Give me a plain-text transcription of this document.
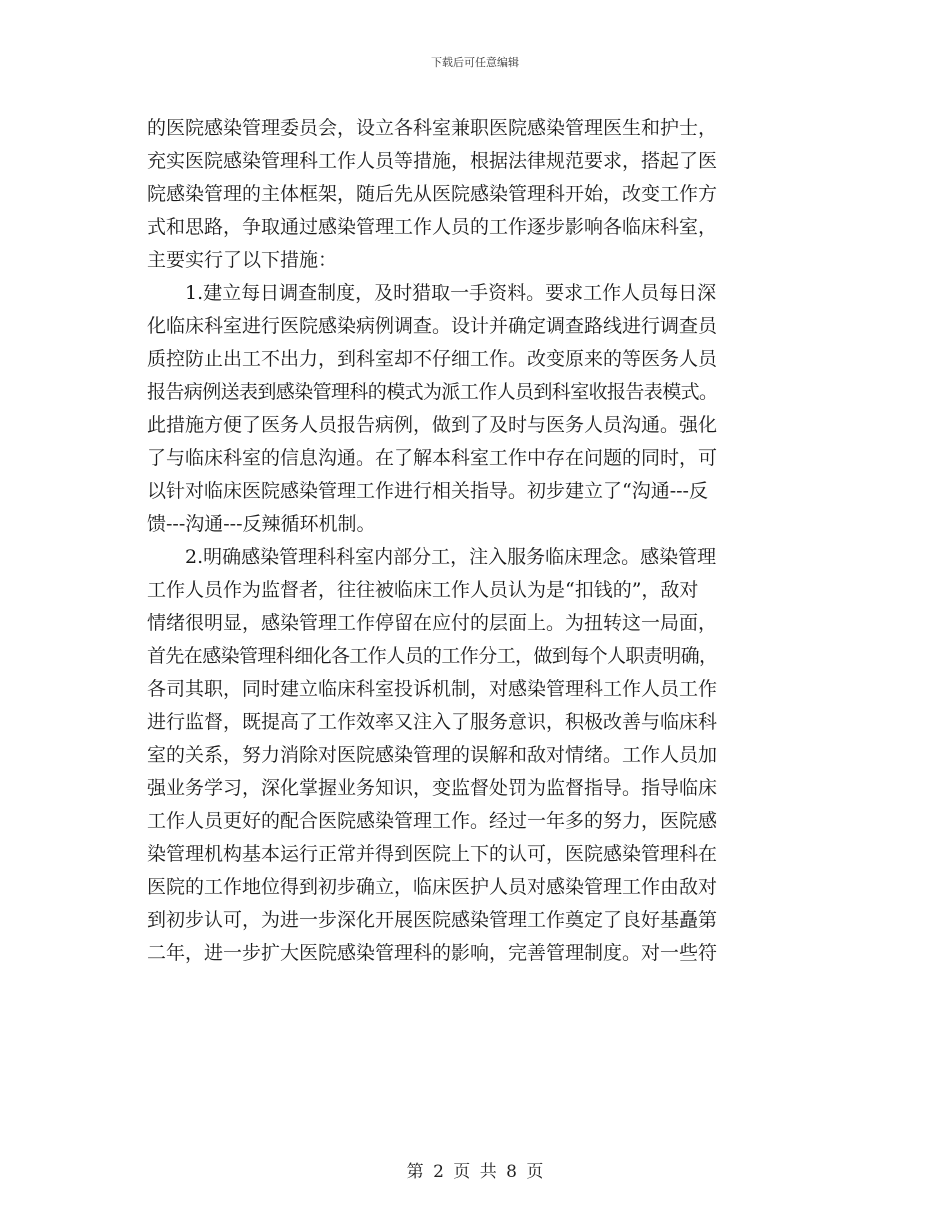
下载后可任意编辑
的医院感染管理委员会，设立各科室兼职医院感染管理医生和护士，
充实医院感染管理科工作人员等措施，根据法律规范要求，搭起了医
院感染管理的主体框架，随后先从医院感染管理科开始，改变工作方
式和思路，争取通过感染管理工作人员的工作逐步影响各临床科室，
主要实行了以下措施：
1.建立每日调查制度，及时猎取一手资料。要求工作人员每日深
化临床科室进行医院感染病例调查。设计并确定调查路线进行调查员
质控防止出工不出力，到科室却不仔细工作。改变原来的等医务人员
报告病例送表到感染管理科的模式为派工作人员到科室收报告表模式。
此措施方便了医务人员报告病例，做到了及时与医务人员沟通。强化
了与临床科室的信息沟通。在了解本科室工作中存在问题的同时，可
以针对临床医院感染管理工作进行相关指导。初步建立了“沟通---反
馈---沟通---反辣循环机制。
2.明确感染管理科科室内部分工，注入服务临床理念。感染管理
工作人员作为监督者，往往被临床工作人员认为是“扣钱的”，敌对
情绪很明显，感染管理工作停留在应付的层面上。为扭转这一局面，
首先在感染管理科细化各工作人员的工作分工，做到每个人职责明确，
各司其职，同时建立临床科室投诉机制，对感染管理科工作人员工作
进行监督，既提高了工作效率又注入了服务意识，积极改善与临床科
室的关系，努力消除对医院感染管理的误解和敌对情绪。工作人员加
强业务学习，深化掌握业务知识，变监督处罚为监督指导。指导临床
工作人员更好的配合医院感染管理工作。经过一年多的努力，医院感
染管理机构基本运行正常并得到医院上下的认可，医院感染管理科在
医院的工作地位得到初步确立，临床医护人员对感染管理工作由敌对
到初步认可，为进一步深化开展医院感染管理工作奠定了良好基矗第
二年，进一步扩大医院感染管理科的影响，完善管理制度。对一些符
第 2 页 共 8 页
